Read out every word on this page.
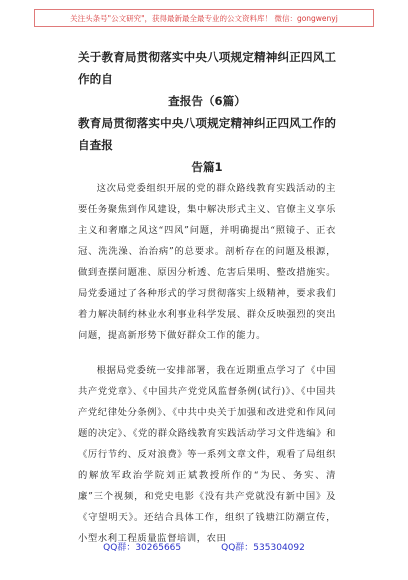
关注头条号"公文研究"，获得最新最全最专业的公文资料库！ 微信：gongwenyj

关于教育局贯彻落实中央八项规定精神纠正四风工作的自

查报告（6篇）

教育局贯彻落实中央八项规定精神纠正四风工作的自查报

告篇1

这次局党委组织开展的党的群众路线教育实践活动的主要任务聚焦到作风建设，集中解决形式主义、官僚主义享乐主义和奢靡之风这“四风”问题，并明确提出“照镜子、正衣冠、洗洗澡、治治病”的总要求。剖析存在的问题及根源，做到查摆问题准、原因分析透、危害后果明、整改措施实。局党委通过了各种形式的学习贯彻落实上级精神，要求我们着力解决制约林业水利事业科学发展、群众反映强烈的突出问题，提高新形势下做好群众工作的能力。

根据局党委统一安排部署，我在近期重点学习了《中国共产党党章》、《中国共产党党风监督条例(试行)》、《中国共产党纪律处分条例》、《中共中央关于加强和改进党和作风问题的决定》、《党的群众路线教育实践活动学习文件选编》和《厉行节约、反对浪费》等一系列文章文件，观看了局组织的解放军政治学院刘正斌教授所作的“为民、务实、清廉”三个视频，和党史电影《没有共产党就没有新中国》及《守望明天》。还结合具体工作，组织了钱塘江防潮宣传，小型水利工程质量监督培训，农田

QQ群：30265665	QQ群：535304092
